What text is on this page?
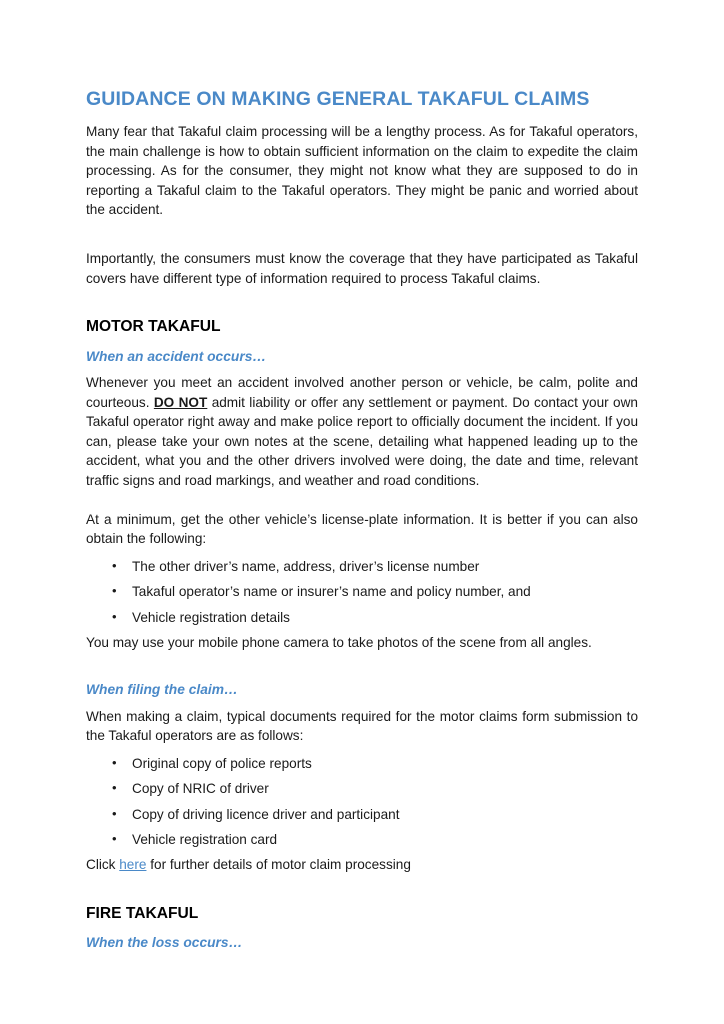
GUIDANCE ON MAKING GENERAL TAKAFUL CLAIMS

Many fear that Takaful claim processing will be a lengthy process. As for Takaful operators, the main challenge is how to obtain sufficient information on the claim to expedite the claim processing. As for the consumer, they might not know what they are supposed to do in reporting a Takaful claim to the Takaful operators. They might be panic and worried about the accident.

Importantly, the consumers must know the coverage that they have participated as Takaful covers have different type of information required to process Takaful claims.

MOTOR TAKAFUL
When an accident occurs…

Whenever you meet an accident involved another person or vehicle, be calm, polite and courteous. DO NOT admit liability or offer any settlement or payment. Do contact your own Takaful operator right away and make police report to officially document the incident. If you can, please take your own notes at the scene, detailing what happened leading up to the accident, what you and the other drivers involved were doing, the date and time, relevant traffic signs and road markings, and weather and road conditions.

At a minimum, get the other vehicle’s license-plate information. It is better if you can also obtain the following:

• The other driver’s name, address, driver’s license number
• Takaful operator’s name or insurer’s name and policy number, and
• Vehicle registration details

You may use your mobile phone camera to take photos of the scene from all angles.

When filing the claim…

When making a claim, typical documents required for the motor claims form submission to the Takaful operators are as follows:

• Original copy of police reports
• Copy of NRIC of driver
• Copy of driving licence driver and participant
• Vehicle registration card

Click here for further details of motor claim processing

FIRE TAKAFUL
When the loss occurs…
